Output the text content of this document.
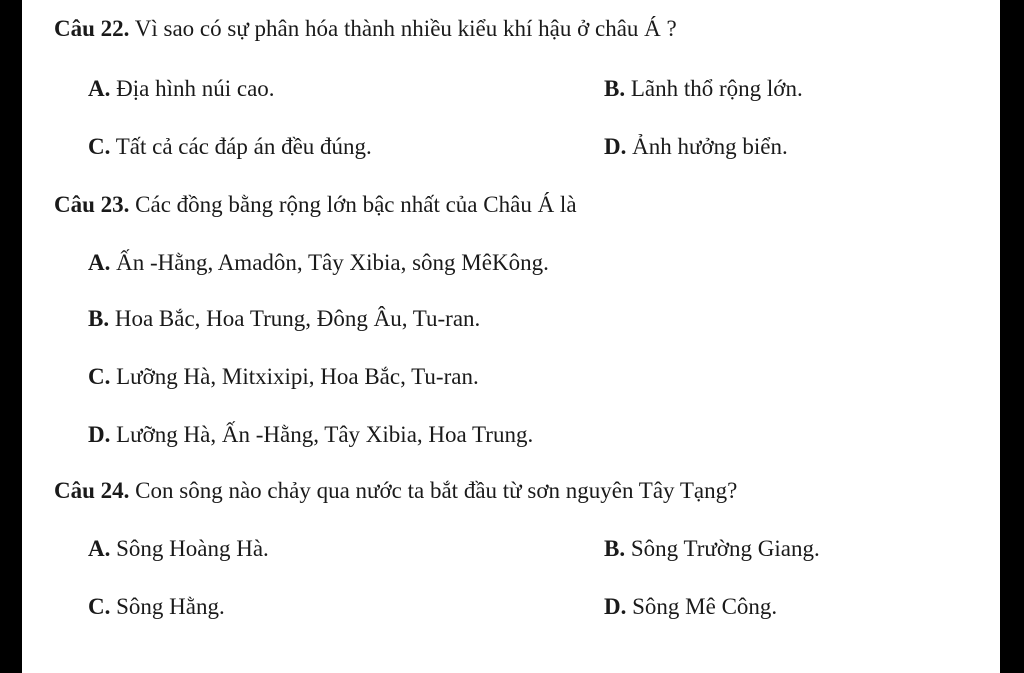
Câu 22. Vì sao có sự phân hóa thành nhiều kiểu khí hậu ở châu Á ?
A. Địa hình núi cao.	B. Lãnh thổ rộng lớn.
C. Tất cả các đáp án đều đúng.	D. Ảnh hưởng biển.
Câu 23. Các đồng bằng rộng lớn bậc nhất của Châu Á là
A. Ấn -Hằng, Amadôn, Tây Xibia, sông MêKông.
B. Hoa Bắc, Hoa Trung, Đông Âu, Tu-ran.
C. Lưỡng Hà, Mitxixipi, Hoa Bắc, Tu-ran.
D. Lưỡng Hà, Ấn -Hằng, Tây Xibia, Hoa Trung.
Câu 24. Con sông nào chảy qua nước ta bắt đầu từ sơn nguyên Tây Tạng?
A. Sông Hoàng Hà.	B. Sông Trường Giang.
C. Sông Hằng.	D. Sông Mê Công.
